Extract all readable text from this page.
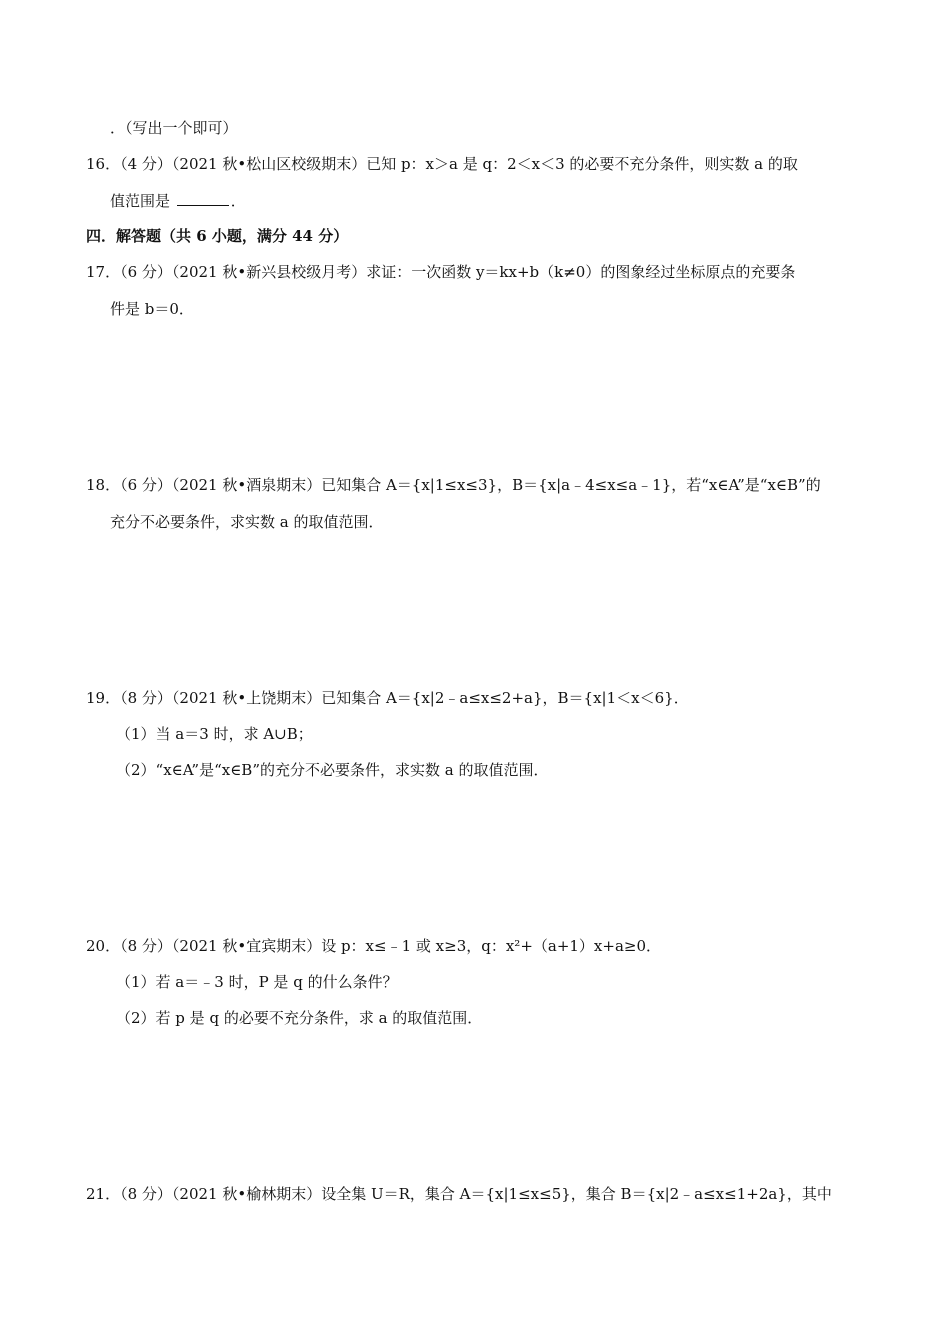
．（写出一个即可）
16．（4 分）（2021 秋•松山区校级期末）已知 p：x＞a 是 q：2＜x＜3 的必要不充分条件，则实数 a 的取
值范围是	．
四．解答题（共 6 小题，满分 44 分）
17．（6 分）（2021 秋•新兴县校级月考）求证：一次函数 y＝kx+b（k≠0）的图象经过坐标原点的充要条
件是 b＝0．
18．（6 分）（2021 秋•酒泉期末）已知集合 A＝{x|1≤x≤3}，B＝{x|a﹣4≤x≤a﹣1}，若“x∈A”是“x∈B”的
充分不必要条件，求实数 a 的取值范围．
19．（8 分）（2021 秋•上饶期末）已知集合 A＝{x|2﹣a≤x≤2+a}，B＝{x|1＜x＜6}．
（1）当 a＝3 时，求 A∪B；
（2）“x∈A”是“x∈B”的充分不必要条件，求实数 a 的取值范围．
20．（8 分）（2021 秋•宜宾期末）设 p：x≤﹣1 或 x≥3，q：x²+（a+1）x+a≥0．
（1）若 a＝﹣3 时，P 是 q 的什么条件？
（2）若 p 是 q 的必要不充分条件，求 a 的取值范围．
21．（8 分）（2021 秋•榆林期末）设全集 U＝R，集合 A＝{x|1≤x≤5}，集合 B＝{x|2﹣a≤x≤1+2a}，其中
